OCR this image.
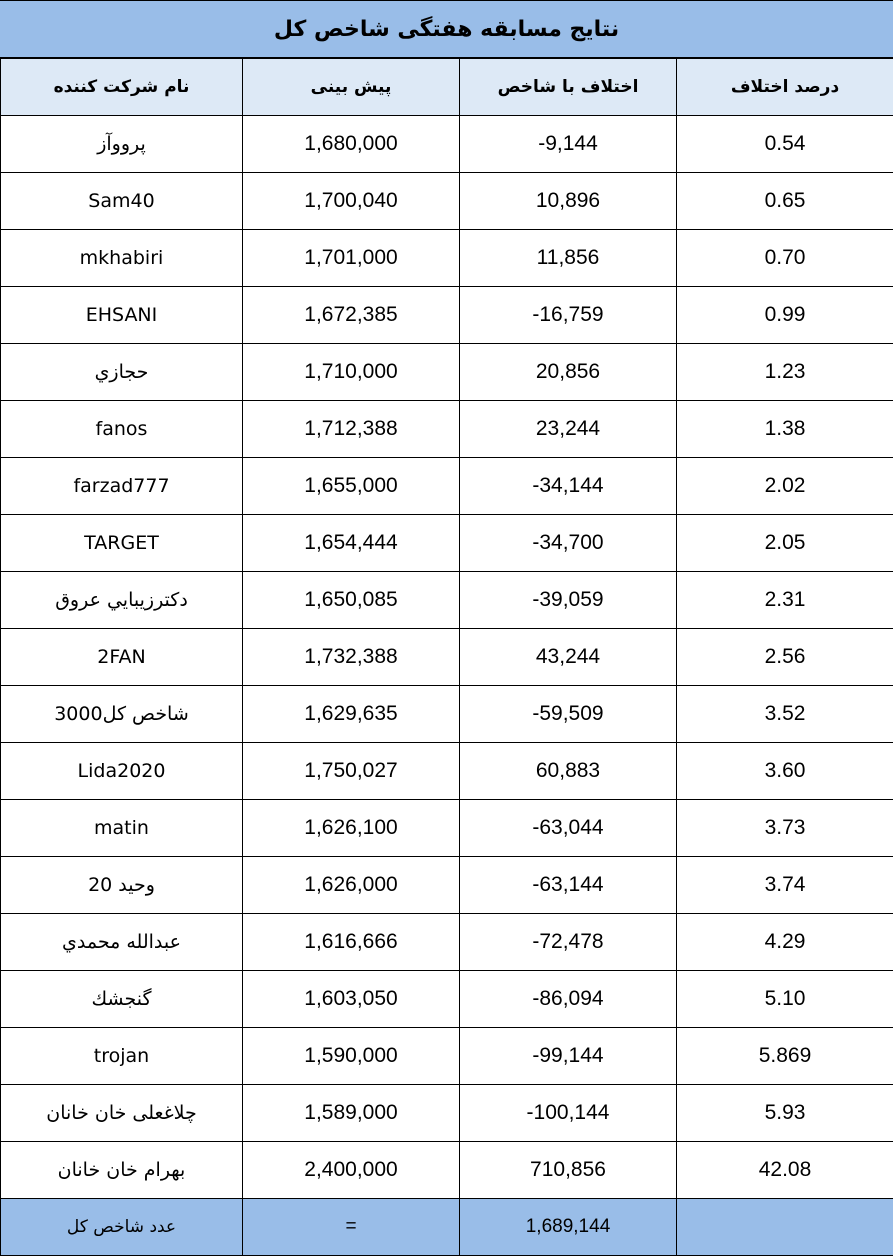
نتایج مسابقه هفتگی شاخص کل
نام شرکت کننده	پیش بینی	اختلاف با شاخص	درصد اختلاف
پرووآز	1,680,000	-9,144	0.54
Sam40	1,700,040	10,896	0.65
mkhabiri	1,701,000	11,856	0.70
EHSANI	1,672,385	-16,759	0.99
حجازي	1,710,000	20,856	1.23
fanos	1,712,388	23,244	1.38
farzad777	1,655,000	-34,144	2.02
TARGET	1,654,444	-34,700	2.05
دكترزيبايي عروق	1,650,085	-39,059	2.31
2FAN	1,732,388	43,244	2.56
شاخص كل3000	1,629,635	-59,509	3.52
Lida2020	1,750,027	60,883	3.60
matin	1,626,100	-63,044	3.73
وحيد 20	1,626,000	-63,144	3.74
عبدالله محمدي	1,616,666	-72,478	4.29
گنجشك	1,603,050	-86,094	5.10
trojan	1,590,000	-99,144	5.869
چلاغعلی خان خانان	1,589,000	-100,144	5.93
بهرام خان خانان	2,400,000	710,856	42.08
عدد شاخص کل	=	1,689,144	
